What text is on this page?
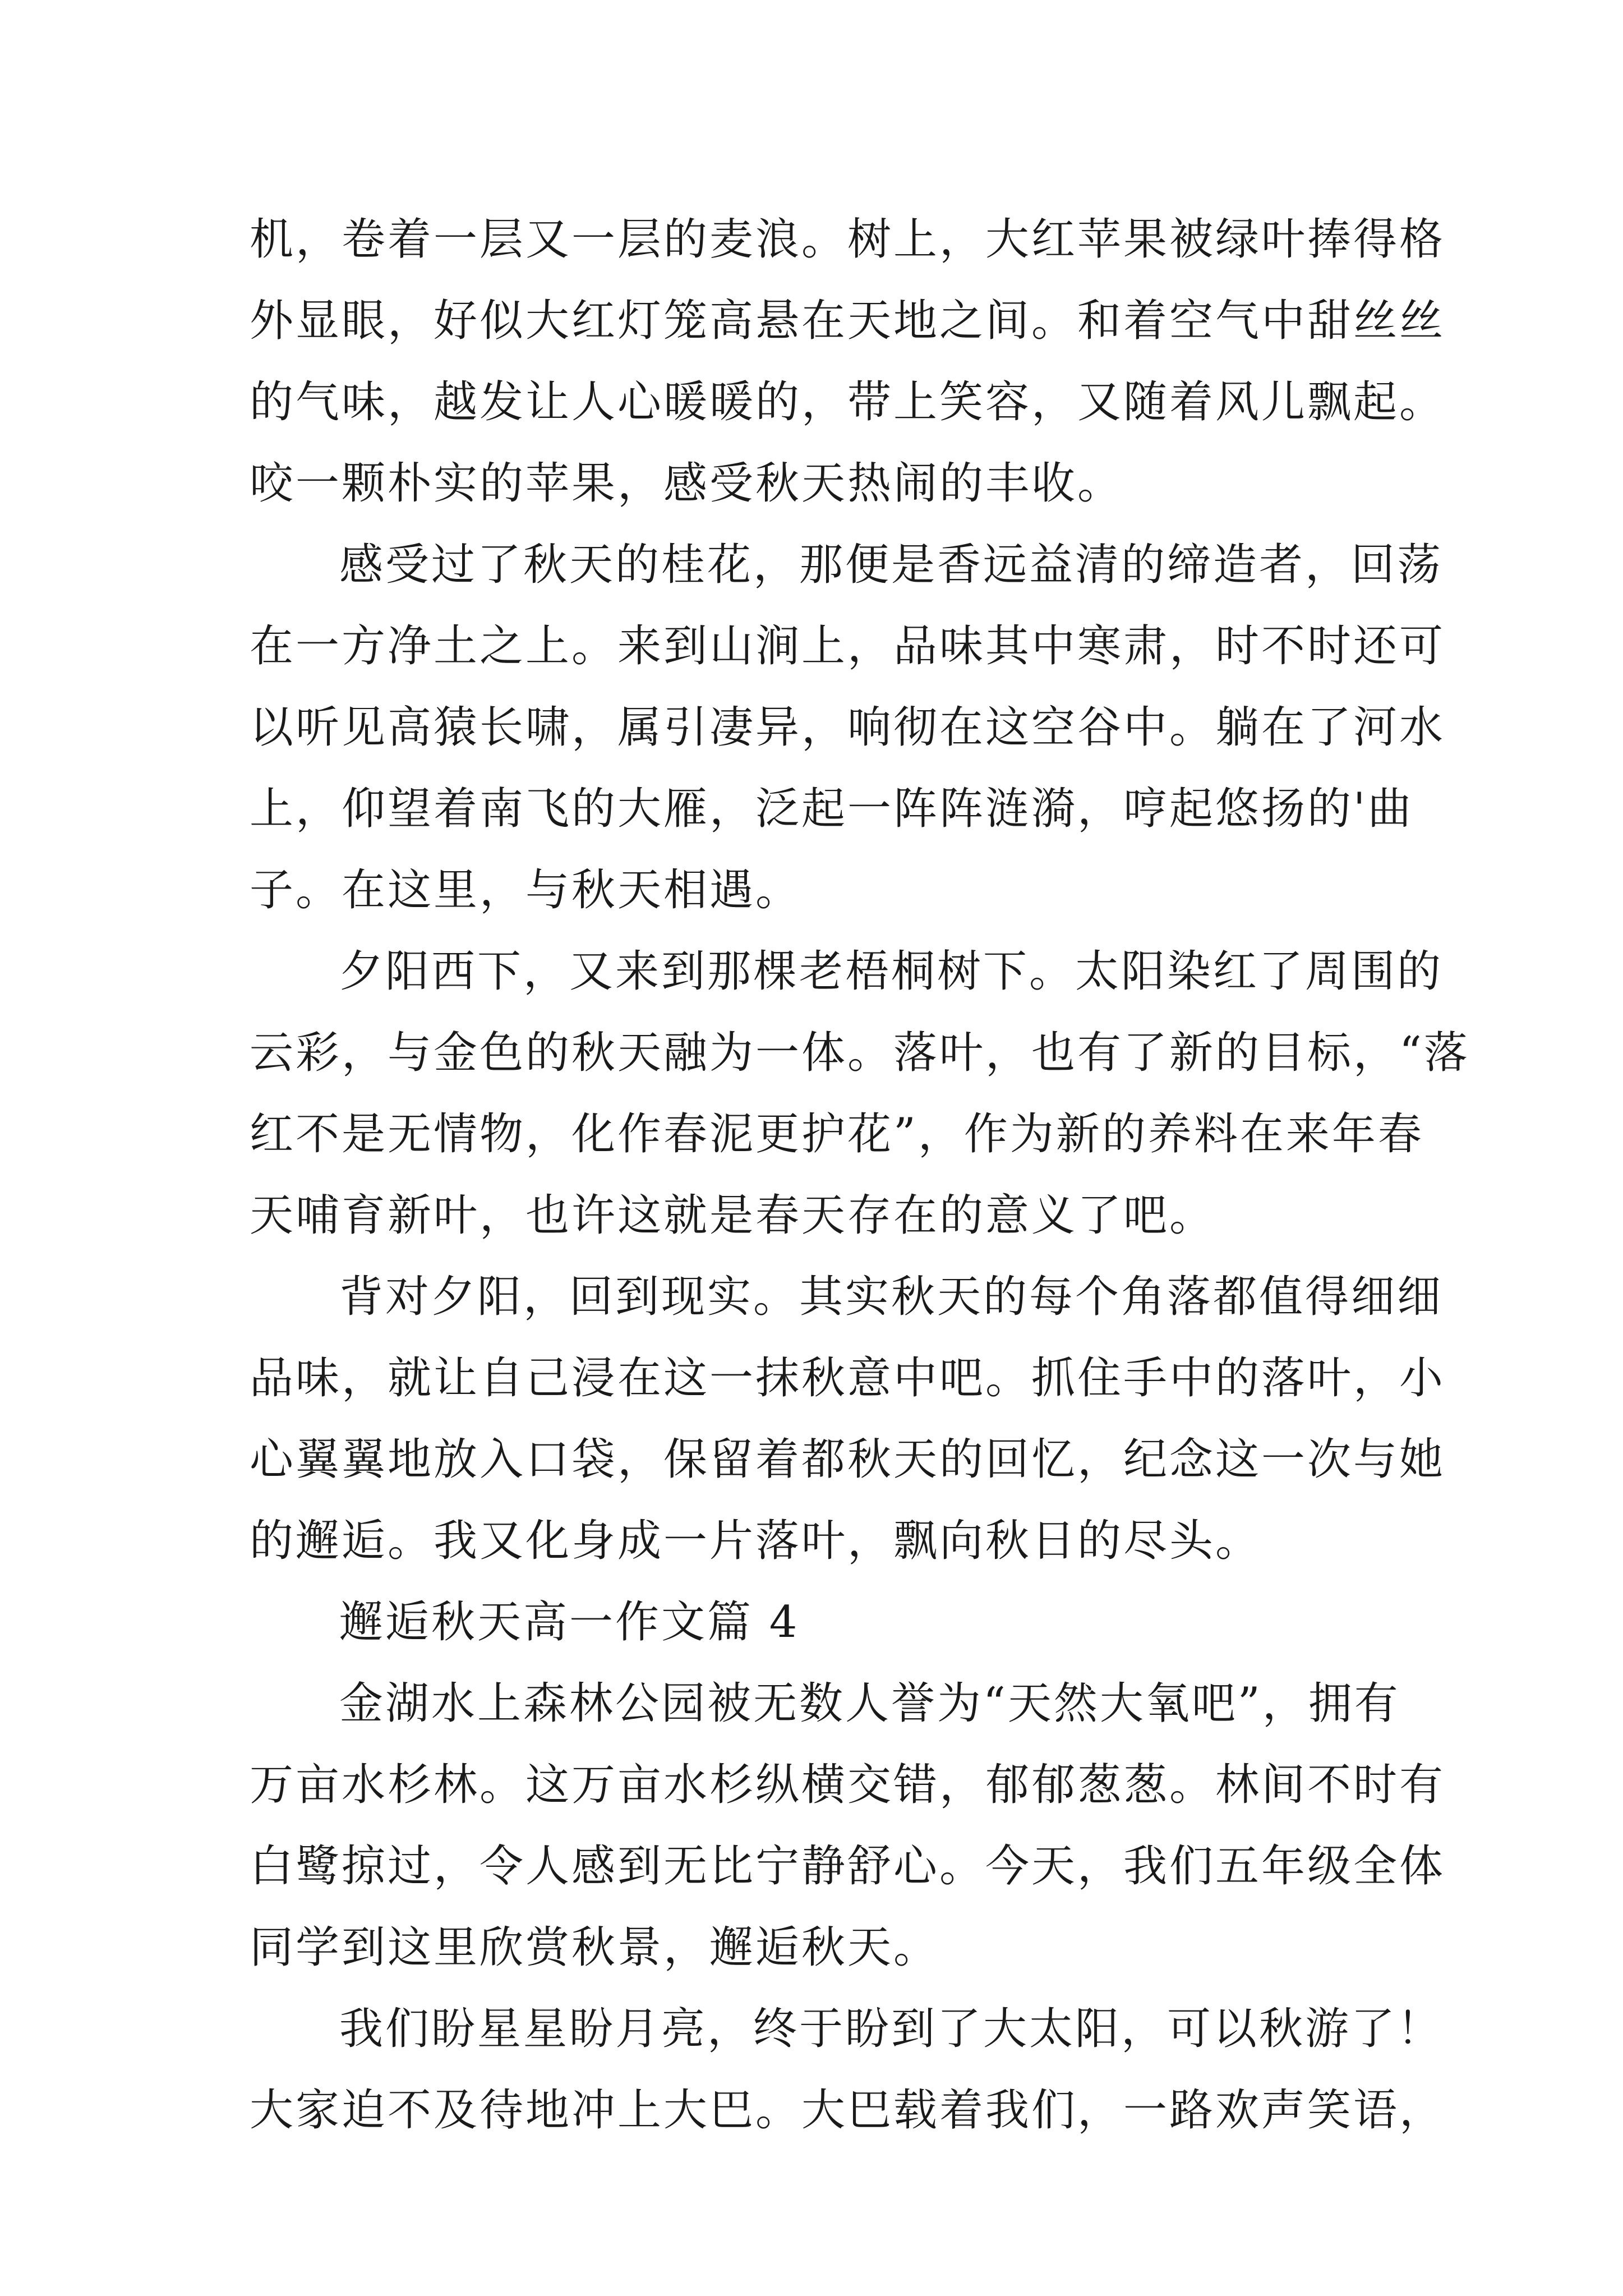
机，卷着一层又一层的麦浪。树上，大红苹果被绿叶捧得格
外显眼，好似大红灯笼高悬在天地之间。和着空气中甜丝丝
的气味，越发让人心暖暖的，带上笑容，又随着风儿飘起。
咬一颗朴实的苹果，感受秋天热闹的丰收。
感受过了秋天的桂花，那便是香远益清的缔造者，回荡
在一方净土之上。来到山涧上，品味其中寒肃，时不时还可
以听见高猿长啸，属引凄异，响彻在这空谷中。躺在了河水
上，仰望着南飞的大雁，泛起一阵阵涟漪，哼起悠扬的'曲
子。在这里，与秋天相遇。
夕阳西下，又来到那棵老梧桐树下。太阳染红了周围的
云彩，与金色的秋天融为一体。落叶，也有了新的目标，“落
红不是无情物，化作春泥更护花”，作为新的养料在来年春
天哺育新叶，也许这就是春天存在的意义了吧。
背对夕阳，回到现实。其实秋天的每个角落都值得细细
品味，就让自己浸在这一抹秋意中吧。抓住手中的落叶，小
心翼翼地放入口袋，保留着都秋天的回忆，纪念这一次与她
的邂逅。我又化身成一片落叶，飘向秋日的尽头。
邂逅秋天高一作文篇 4
金湖水上森林公园被无数人誉为“天然大氧吧”，拥有
万亩水杉林。这万亩水杉纵横交错，郁郁葱葱。林间不时有
白鹭掠过，令人感到无比宁静舒心。今天，我们五年级全体
同学到这里欣赏秋景，邂逅秋天。
我们盼星星盼月亮，终于盼到了大太阳，可以秋游了！
大家迫不及待地冲上大巴。大巴载着我们，一路欢声笑语，
